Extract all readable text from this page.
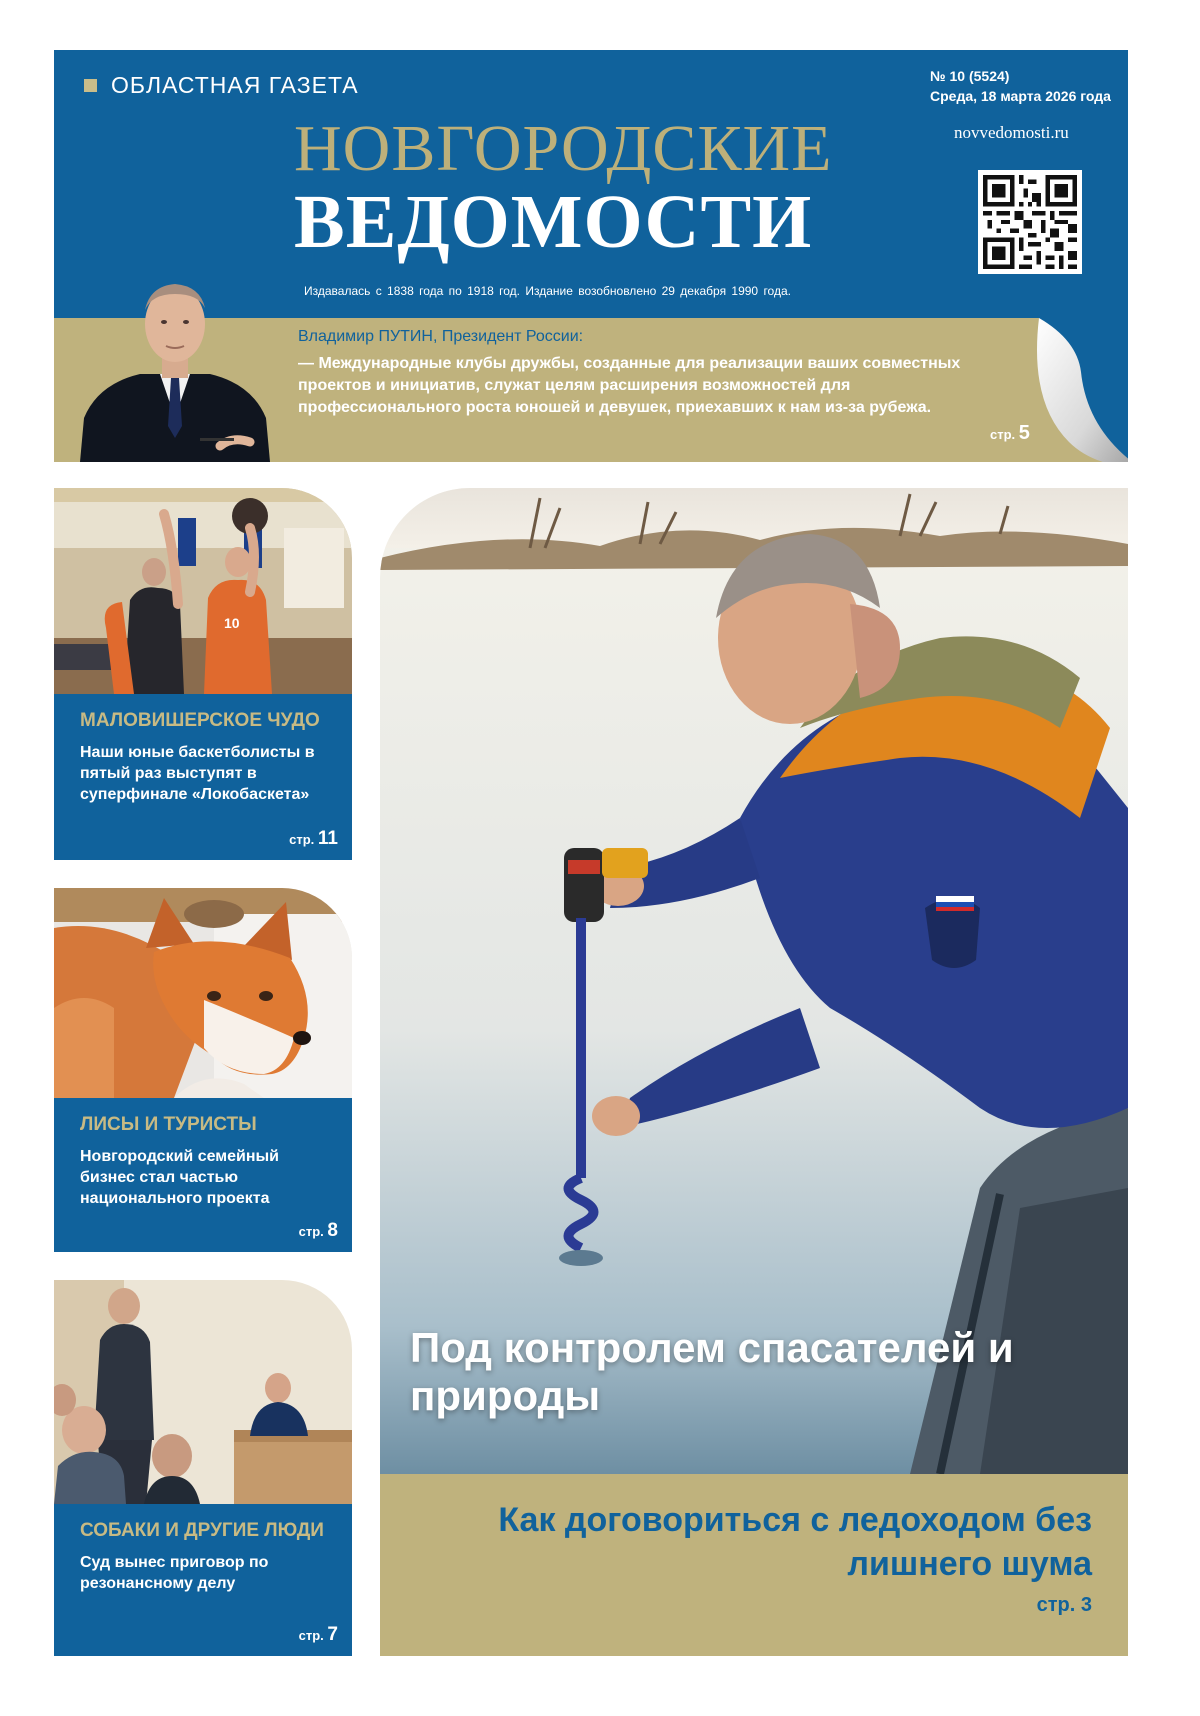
ОБЛАСТНАЯ ГАЗЕТА	№ 10 (5524)
Среда, 18 марта 2026 года
novvedomosti.ru
НОВГОРОДСКИЕ
ВЕДОМОСТИ
Издавалась с 1838 года по 1918 год. Издание возобновлено 29 декабря 1990 года.
Владимир ПУТИН, Президент России:
— Международные клубы дружбы, созданные для реализации ваших совместных проектов и инициатив, служат целям расширения возможностей для профессионального роста юношей и девушек, приехавших к нам из-за рубежа.
стр. 5
10
МАЛОВИШЕРСКОЕ ЧУДО
Наши юные баскетболисты в пятый раз выступят в суперфинале «Локобаскета»
стр. 11
ЛИСЫ И ТУРИСТЫ
Новгородский семейный бизнес стал частью национального проекта
стр. 8
СОБАКИ И ДРУГИЕ ЛЮДИ
Суд вынес приговор по резонансному делу
стр. 7
Под контролем спасателей и природы
Как договориться с ледоходом без лишнего шума
стр. 3
